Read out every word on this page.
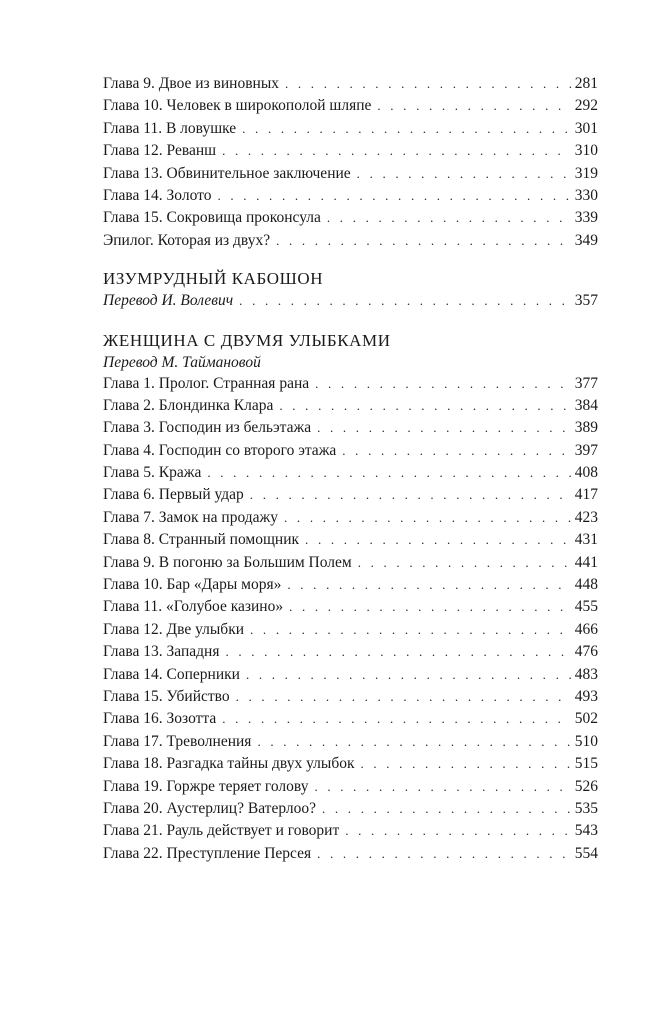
Глава 9. Двое из виновных . . .	281
Глава 10. Человек в широкополой шляпе . . .	292
Глава 11. В ловушке . . .	301
Глава 12. Реванш . . .	310
Глава 13. Обвинительное заключение . . .	319
Глава 14. Золото . . .	330
Глава 15. Сокровища проконсула . . .	339
Эпилог. Которая из двух? . . .	349
ИЗУМРУДНЫЙ КАБОШОН
Перевод И. Волевич . . .	357
ЖЕНЩИНА С ДВУМЯ УЛЫБКАМИ
Перевод М. Таймановой
Глава 1. Пролог. Странная рана . . .	377
Глава 2. Блондинка Клара . . .	384
Глава 3. Господин из бельэтажа . . .	389
Глава 4. Господин со второго этажа . . .	397
Глава 5. Кража . . .	408
Глава 6. Первый удар . . .	417
Глава 7. Замок на продажу . . .	423
Глава 8. Странный помощник . . .	431
Глава 9. В погоню за Большим Полем . . .	441
Глава 10. Бар «Дары моря» . . .	448
Глава 11. «Голубое казино» . . .	455
Глава 12. Две улыбки . . .	466
Глава 13. Западня . . .	476
Глава 14. Соперники . . .	483
Глава 15. Убийство . . .	493
Глава 16. Зозотта . . .	502
Глава 17. Треволнения . . .	510
Глава 18. Разгадка тайны двух улыбок . . .	515
Глава 19. Горжре теряет голову . . .	526
Глава 20. Аустерлиц? Ватерлоо? . . .	535
Глава 21. Рауль действует и говорит . . .	543
Глава 22. Преступление Персея . . .	554
